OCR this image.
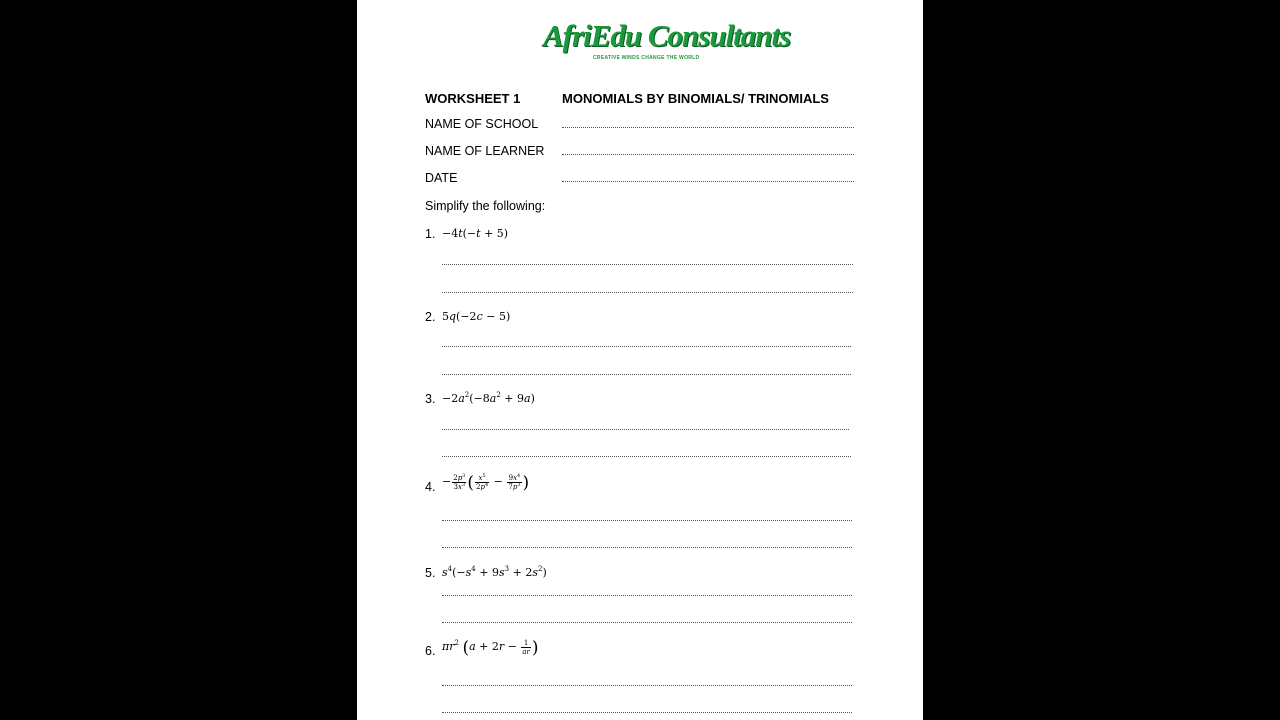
AfriEdu Consultants
CREATIVE MINDS CHANGE THE WORLD
WORKSHEET 1	MONOMIALS BY BINOMIALS/ TRINOMIALS
NAME OF SCHOOL
NAME OF LEARNER
DATE
Simplify the following:
1. −4t(−t + 5)
2. 5q(−2c − 5)
3. $-2a^2(-8a^2 + 9a)$
4. − $\frac{2p^3}{3x^3}$ ( $\frac{x^5}{2p^4} - \frac{9x^4}{7p^3}$ )
5. $s^4(-s^4 + 9s^3 + 2s^2)$
6. $\pi r^2$ ($a + 2r - \frac{1}{ar}$ )
